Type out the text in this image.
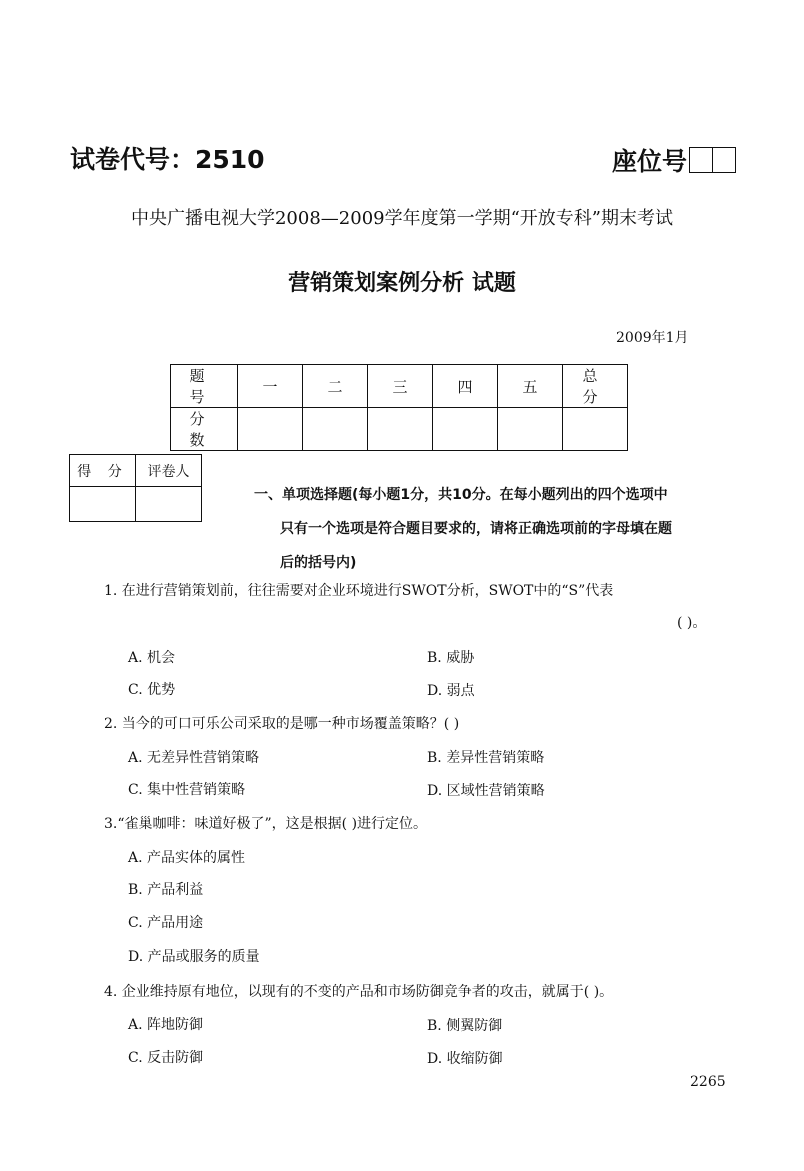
试卷代号：2510	座位号
中央广播电视大学2008—2009学年度第一学期“开放专科”期末考试
营销策划案例分析 试题
2009年1月
题 号	一	二	三	四	五	总 分
分 数						
得 分	评卷人

一、单项选择题(每小题1分，共10分。在每小题列出的四个选项中
只有一个选项是符合题目要求的，请将正确选项前的字母填在题
后的括号内)
1. 在进行营销策划前，往往需要对企业环境进行SWOT分析，SWOT中的“S”代表
( )。
A. 机会	B. 威胁
C. 优势	D. 弱点
2. 当今的可口可乐公司采取的是哪一种市场覆盖策略？( )
A. 无差异性营销策略	B. 差异性营销策略
C. 集中性营销策略	D. 区域性营销策略
3.“雀巢咖啡：味道好极了”，这是根据( )进行定位。
A. 产品实体的属性
B. 产品利益
C. 产品用途
D. 产品或服务的质量
4. 企业维持原有地位，以现有的不变的产品和市场防御竞争者的攻击，就属于( )。
A. 阵地防御	B. 侧翼防御
C. 反击防御	D. 收缩防御
2265
